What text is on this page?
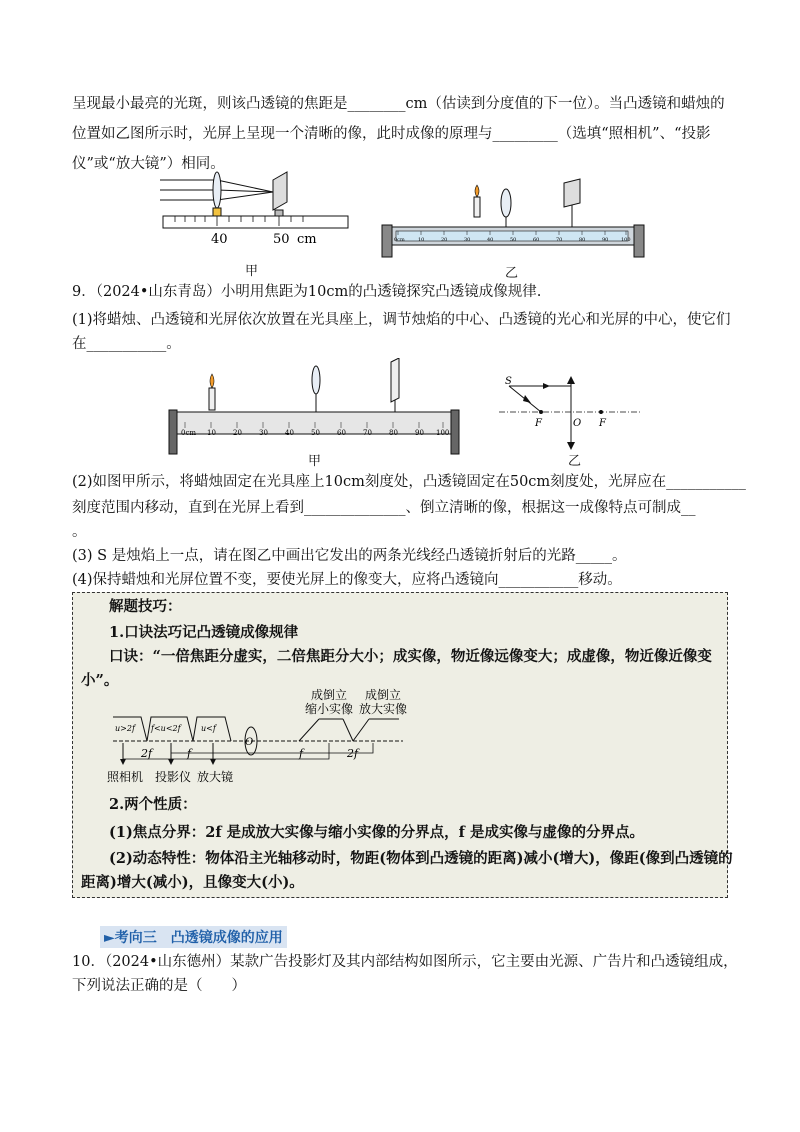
呈现最小最亮的光斑，则该凸透镜的焦距是________cm（估读到分度值的下一位）。当凸透镜和蜡烛的
位置如乙图所示时，光屏上呈现一个清晰的像，此时成像的原理与_________（选填“照相机”、“投影
仪”或“放大镜”）相同。
40	50 cm
甲
0cm	10	20	30	40	50	60	70	80	90	100
乙
9．（2024•山东青岛）小明用焦距为10cm的凸透镜探究凸透镜成像规律.
(1)将蜡烛、凸透镜和光屏依次放置在光具座上，调节烛焰的中心、凸透镜的光心和光屏的中心，使它们
在___________。
0cm 10 20 30 40 50 60 70 80 90 100
甲
S
F	O F
乙
(2)如图甲所示，将蜡烛固定在光具座上10cm刻度处，凸透镜固定在50cm刻度处，光屏应在___________
刻度范围内移动，直到在光屏上看到______________、倒立清晰的像，根据这一成像特点可制成__
。
(3) S 是烛焰上一点，请在图乙中画出它发出的两条光线经凸透镜折射后的光路_____。
(4)保持蜡烛和光屏位置不变，要使光屏上的像变大，应将凸透镜向___________移动。
解题技巧：
1.口诀法巧记凸透镜成像规律
口诀：“一倍焦距分虚实，二倍焦距分大小；成实像，物近像远像变大；成虚像，物近像近像变
小”。
成倒立
缩小实像
成倒立
放大实像
u>2f f<u<2f	u<f
O
2f	f	f	2f
照相机 投影仪 放大镜
2.两个性质：
(1)焦点分界：2f 是成放大实像与缩小实像的分界点，f 是成实像与虚像的分界点。
(2)动态特性：物体沿主光轴移动时，物距(物体到凸透镜的距离)减小(增大)，像距(像到凸透镜的
距离)增大(减小)，且像变大(小)。
►考向三　凸透镜成像的应用
10．（2024•山东德州）某款广告投影灯及其内部结构如图所示，它主要由光源、广告片和凸透镜组成，
下列说法正确的是（　　）
